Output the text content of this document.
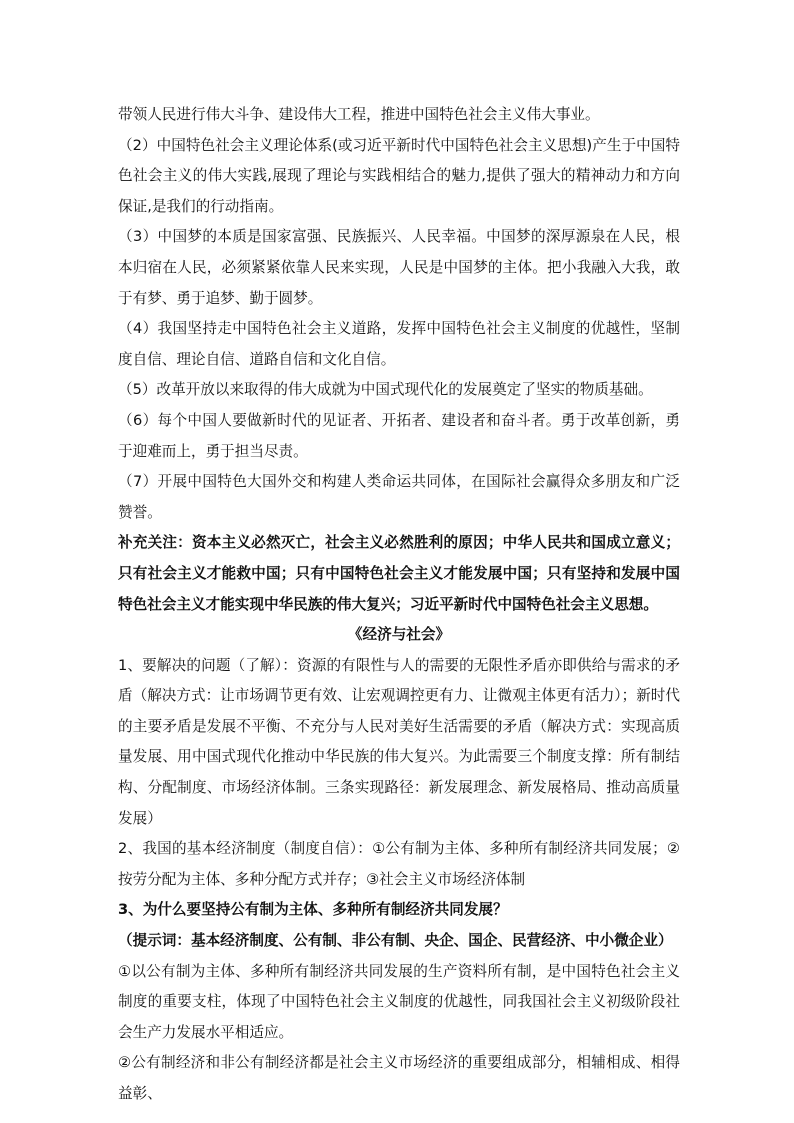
带领人民进行伟大斗争、建设伟大工程，推进中国特色社会主义伟大事业。

（2）中国特色社会主义理论体系(或习近平新时代中国特色社会主义思想)产生于中国特色社会主义的伟大实践,展现了理论与实践相结合的魅力,提供了强大的精神动力和方向保证,是我们的行动指南。

（3）中国梦的本质是国家富强、民族振兴、人民幸福。中国梦的深厚源泉在人民，根本归宿在人民，必须紧紧依靠人民来实现，人民是中国梦的主体。把小我融入大我，敢于有梦、勇于追梦、勤于圆梦。

（4）我国坚持走中国特色社会主义道路，发挥中国特色社会主义制度的优越性，坚制度自信、理论自信、道路自信和文化自信。

（5）改革开放以来取得的伟大成就为中国式现代化的发展奠定了坚实的物质基础。

（6）每个中国人要做新时代的见证者、开拓者、建设者和奋斗者。勇于改革创新，勇于迎难而上，勇于担当尽责。

（7）开展中国特色大国外交和构建人类命运共同体，在国际社会赢得众多朋友和广泛赞誉。

补充关注：资本主义必然灭亡，社会主义必然胜利的原因；中华人民共和国成立意义；只有社会主义才能救中国；只有中国特色社会主义才能发展中国；只有坚持和发展中国特色社会主义才能实现中华民族的伟大复兴；习近平新时代中国特色社会主义思想。

《经济与社会》

1、要解决的问题（了解）：资源的有限性与人的需要的无限性矛盾亦即供给与需求的矛盾（解决方式：让市场调节更有效、让宏观调控更有力、让微观主体更有活力）；新时代的主要矛盾是发展不平衡、不充分与人民对美好生活需要的矛盾（解决方式：实现高质量发展、用中国式现代化推动中华民族的伟大复兴。为此需要三个制度支撑：所有制结构、分配制度、市场经济体制。三条实现路径：新发展理念、新发展格局、推动高质量发展）

2、我国的基本经济制度（制度自信）：①公有制为主体、多种所有制经济共同发展；②按劳分配为主体、多种分配方式并存；③社会主义市场经济体制

3、为什么要坚持公有制为主体、多种所有制经济共同发展？

（提示词：基本经济制度、公有制、非公有制、央企、国企、民营经济、中小微企业）

①以公有制为主体、多种所有制经济共同发展的生产资料所有制，是中国特色社会主义制度的重要支柱，体现了中国特色社会主义制度的优越性，同我国社会主义初级阶段社会生产力发展水平相适应。

②公有制经济和非公有制经济都是社会主义市场经济的重要组成部分，相辅相成、相得益彰、
